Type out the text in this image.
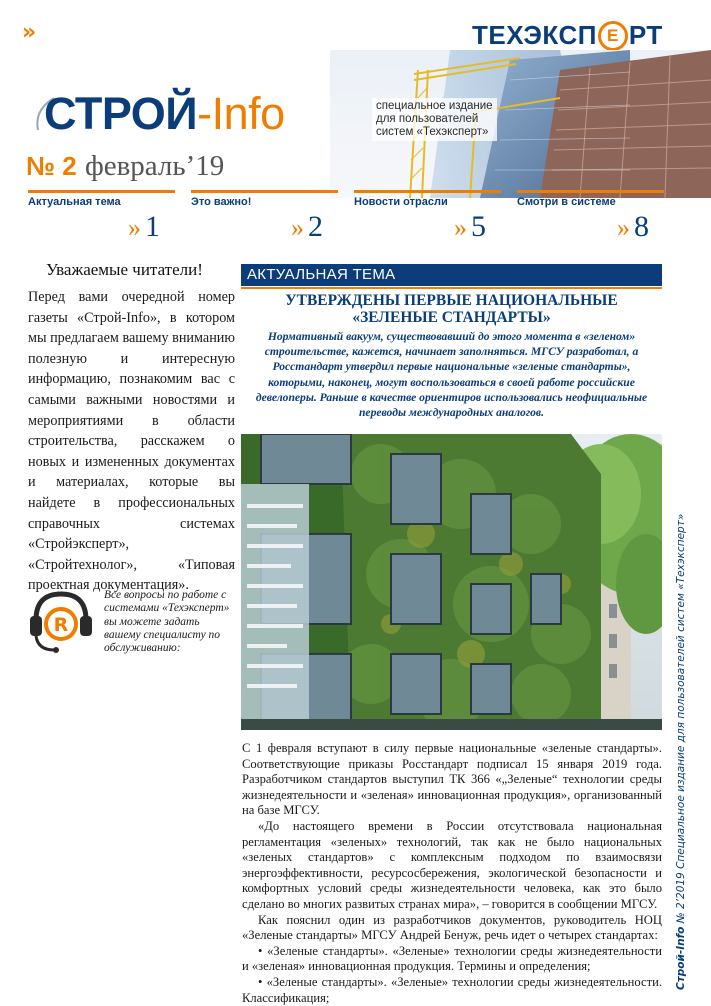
»	ТЕХЭКСП Е РТ
СТРОЙ-Info	специальное издание
для пользователей
систем «Техэксперт»
№ 2 февраль’19
Актуальная тема	Это важно!	Новости отрасли	Смотри в системе
» 1	» 2	» 5	» 8
Уважаемые читатели!
Перед вами очередной номер газеты «Строй-Info», в котором мы предлагаем вашему вниманию полезную и интересную информацию, познакомим вас с самыми важными новостями и мероприятиями в области строительства, расскажем о новых и измененных документах и материалах, которые вы найдете в профессиональных справочных системах «Стройэксперт», «Стройтехнолог», «Типовая проектная документация».
R
Все вопросы по работе с системами «Техэксперт» вы можете задать вашему специалисту по обслуживанию:
АКТУАЛЬНАЯ ТЕМА
УТВЕРЖДЕНЫ ПЕРВЫЕ НАЦИОНАЛЬНЫЕ
«ЗЕЛЕНЫЕ СТАНДАРТЫ»
Нормативный вакуум, существовавший до этого момента в «зеленом» строительстве, кажется, начинает заполняться. МГСУ разработал, а Росстандарт утвердил первые национальные «зеленые стандарты», которыми, наконец, могут воспользоваться в своей работе российские девелоперы. Раньше в качестве ориентиров использовались неофициальные переводы международных аналогов.

С 1 февраля вступают в силу первые национальные «зеленые стандарты». Соответствующие приказы Росстандарт подписал 15 января 2019 года. Разработчиком стандартов выступил ТК 366 «„Зеленые“ технологии среды жизнедеятельности и «зеленая» инновационная продукция», организованный на базе МГСУ.

«До настоящего времени в России отсутствовала национальная регламентация «зеленых» технологий, так как не было национальных «зеленых стандартов» с комплексным подходом по взаимосвязи энергоэффективности, ресурсосбережения, экологической безопасности и комфортных условий среды жизнедеятельности человека, как это было сделано во многих развитых странах мира», – говорится в сообщении МГСУ.

Как пояснил один из разработчиков документов, руководитель НОЦ «Зеленые стандарты» МГСУ Андрей Бенуж, речь идет о четырех стандартах:

• «Зеленые стандарты». «Зеленые» технологии среды жизнедеятельности и «зеленая» инновационная продукция. Термины и определения;

• «Зеленые стандарты». «Зеленые» технологии среды жизнедеятельности. Классификация;

Строй-Info № 2’2019 Специальное издание для пользователей систем «Техэксперт»
